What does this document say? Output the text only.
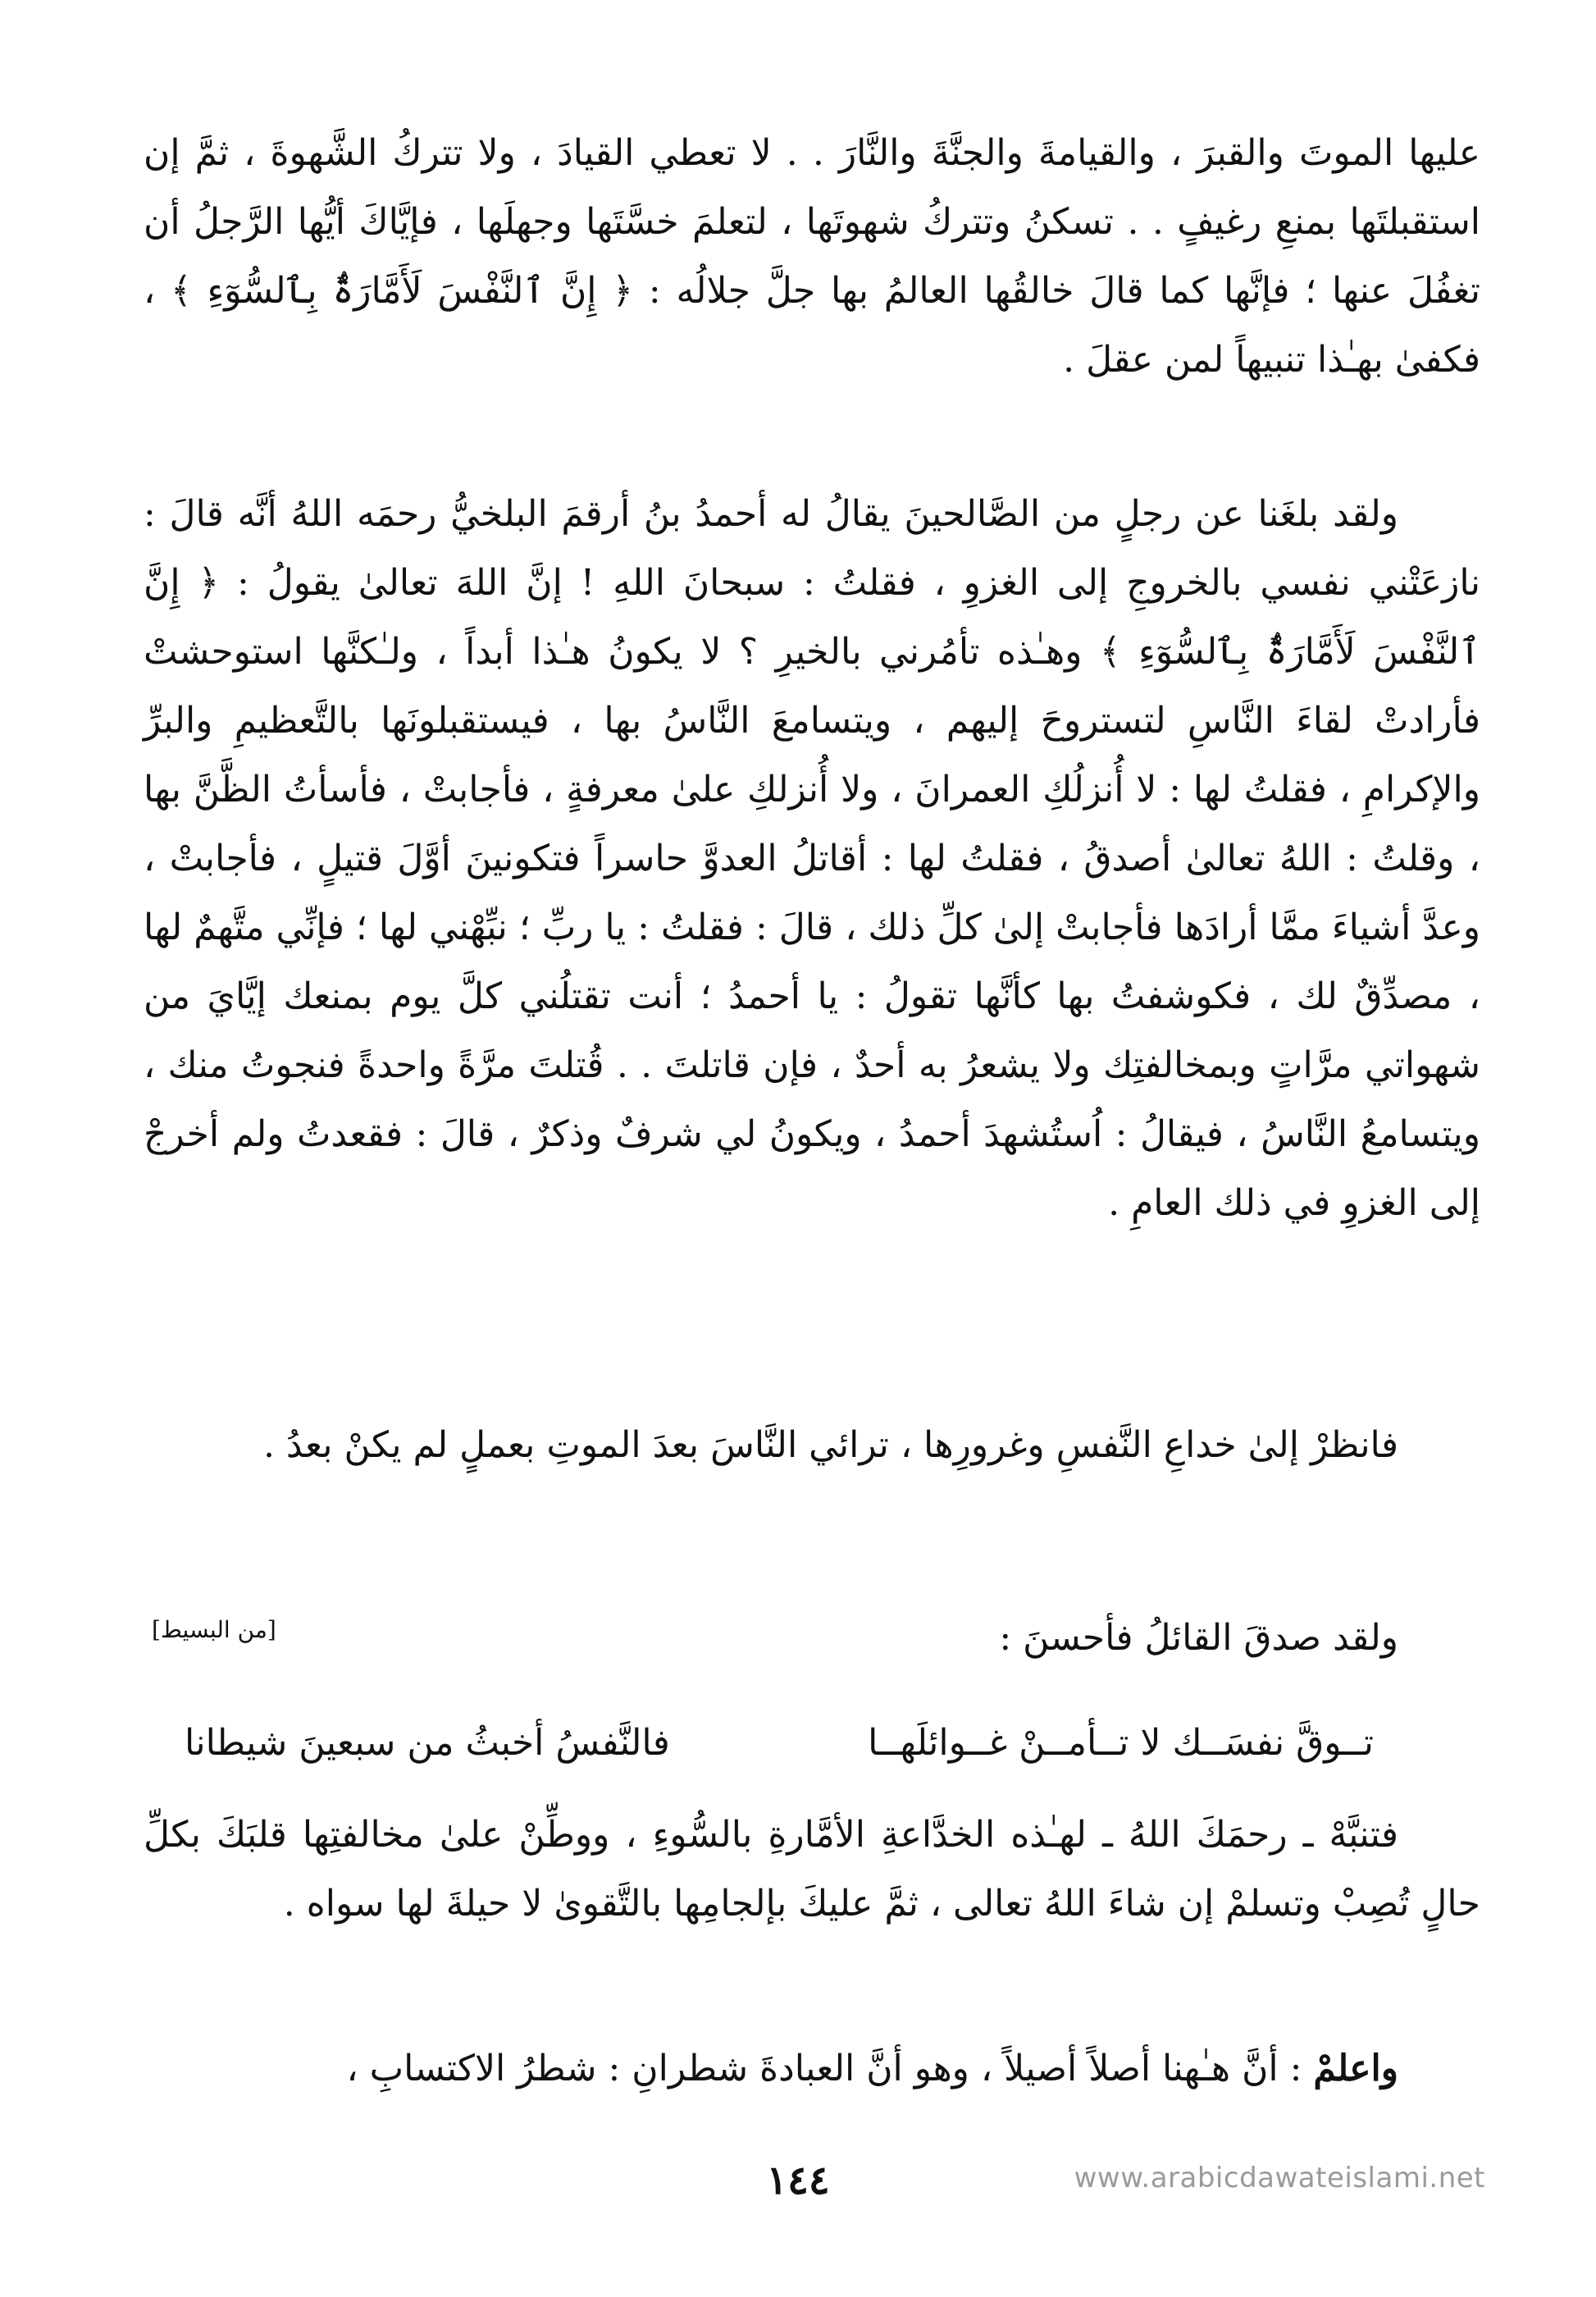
عليها الموتَ والقبرَ ، والقيامةَ والجنَّةَ والنَّارَ . . لا تعطي القيادَ ، ولا تتركُ الشَّهوةَ ، ثمَّ إن استقبلتَها بمنعِ رغيفٍ . . تسكنُ وتتركُ شهوتَها ، لتعلمَ خسَّتَها وجهلَها ، فإيَّاكَ أيُّها الرَّجلُ أن تغفُلَ عنها ؛ فإنَّها كما قالَ خالقُها العالمُ بها جلَّ جلالُه : ﴿ إِنَّ ٱلنَّفْسَ لَأَمَّارَةٌۢ بِٱلسُّوٓءِ ﴾ ، فكفىٰ بهـٰذا تنبيهاً لمن عقلَ .

ولقد بلغَنا عن رجلٍ من الصَّالحينَ يقالُ له أحمدُ بنُ أرقمَ البلخيُّ رحمَه اللهُ أنَّه قالَ : نازعَتْني نفسي بالخروجِ إلى الغزوِ ، فقلتُ : سبحانَ اللهِ ! إنَّ اللهَ تعالىٰ يقولُ : ﴿ إِنَّ ٱلنَّفْسَ لَأَمَّارَةٌۢ بِٱلسُّوٓءِ ﴾ وهـٰذه تأمُرني بالخيرِ ؟ لا يكونُ هـٰذا أبداً ، ولـٰكنَّها استوحشتْ فأرادتْ لقاءَ النَّاسِ لتستروحَ إليهم ، ويتسامعَ النَّاسُ بها ، فيستقبلونَها بالتَّعظيمِ والبرِّ والإكرامِ ، فقلتُ لها : لا أُنزلُكِ العمرانَ ، ولا أُنزلكِ علىٰ معرفةٍ ، فأجابتْ ، فأسأتُ الظَّنَّ بها ، وقلتُ : اللهُ تعالىٰ أصدقُ ، فقلتُ لها : أقاتلُ العدوَّ حاسراً فتكونينَ أوَّلَ قتيلٍ ، فأجابتْ ، وعدَّ أشياءَ ممَّا أرادَها فأجابتْ إلىٰ كلِّ ذلك ، قالَ : فقلتُ : يا ربِّ ؛ نبِّهْني لها ؛ فإنِّي متَّهمٌ لها ، مصدِّقٌ لك ، فكوشفتُ بها كأنَّها تقولُ : يا أحمدُ ؛ أنت تقتلُني كلَّ يوم بمنعك إيَّايَ من شهواتي مرَّاتٍ وبمخالفتِك ولا يشعرُ به أحدٌ ، فإن قاتلتَ . . قُتلتَ مرَّةً واحدةً فنجوتُ منك ، ويتسامعُ النَّاسُ ، فيقالُ : اُستُشهدَ أحمدُ ، ويكونُ لي شرفٌ وذكرٌ ، قالَ : فقعدتُ ولم أخرجْ إلى الغزوِ في ذلك العامِ .

فانظرْ إلىٰ خداعِ النَّفسِ وغرورِها ، ترائي النَّاسَ بعدَ الموتِ بعملٍ لم يكنْ بعدُ .

ولقد صدقَ القائلُ فأحسنَ :

[من البسيط]
تــوقَّ نفسَــك لا تــأمــنْ غــوائلَهــا
فالنَّفسُ أخبثُ من سبعينَ شيطانا

فتنبَّهْ ـ رحمَكَ اللهُ ـ لهـٰذه الخدَّاعةِ الأمَّارةِ بالسُّوءِ ، ووطِّنْ علىٰ مخالفتِها قلبَكَ بكلِّ حالٍ تُصِبْ وتسلمْ إن شاءَ اللهُ تعالى ، ثمَّ عليكَ بإلجامِها بالتَّقوىٰ لا حيلةَ لها سواه .

واعلمْ : أنَّ هـٰهنا أصلاً أصيلاً ، وهو أنَّ العبادةَ شطرانِ : شطرُ الاكتسابِ ،

١٤٤	www.arabicdawateislami.net
